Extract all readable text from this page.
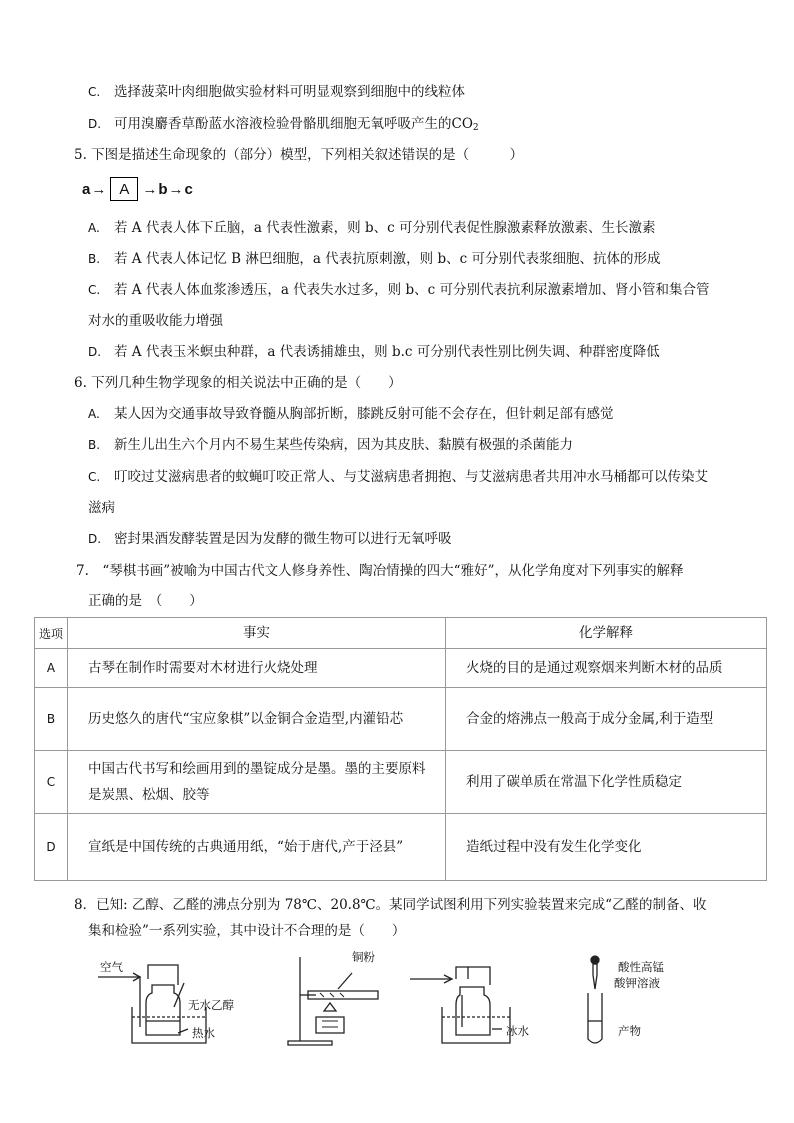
C. 选择菠菜叶肉细胞做实验材料可明显观察到细胞中的线粒体
D. 可用溴麝香草酚蓝水溶液检验骨骼肌细胞无氧呼吸产生的CO2
5. 下图是描述生命现象的（部分）模型，下列相关叙述错误的是（　　　）
a → A → b → c
A. 若 A 代表人体下丘脑，a 代表性激素，则 b、c 可分别代表促性腺激素释放激素、生长激素
B. 若 A 代表人体记忆 B 淋巴细胞，a 代表抗原刺激，则 b、c 可分别代表浆细胞、抗体的形成
C. 若 A 代表人体血浆渗透压，a 代表失水过多，则 b、c 可分别代表抗利尿激素增加、肾小管和集合管
对水的重吸收能力增强
D. 若 A 代表玉米螟虫种群，a 代表诱捕雄虫，则 b.c 可分别代表性别比例失调、种群密度降低
6. 下列几种生物学现象的相关说法中正确的是（　　）
A. 某人因为交通事故导致脊髓从胸部折断，膝跳反射可能不会存在，但针刺足部有感觉
B. 新生儿出生六个月内不易生某些传染病，因为其皮肤、黏膜有极强的杀菌能力
C. 叮咬过艾滋病患者的蚊蝇叮咬正常人、与艾滋病患者拥抱、与艾滋病患者共用冲水马桶都可以传染艾
滋病
D. 密封果酒发酵装置是因为发酵的微生物可以进行无氧呼吸
7.　“琴棋书画”被喻为中国古代文人修身养性、陶冶情操的四大“雅好”，从化学角度对下列事实的解释
正确的是　（　　）
选项	事实	化学解释
A	古琴在制作时需要对木材进行火烧处理	火烧的目的是通过观察烟来判断木材的品质
B	历史悠久的唐代“宝应象棋”以金铜合金造型,内灌铅芯	合金的熔沸点一般高于成分金属,利于造型
C	中国古代书写和绘画用到的墨锭成分是墨。墨的主要原料是炭黑、松烟、胶等	利用了碳单质在常温下化学性质稳定
D	宣纸是中国传统的古典通用纸，“始于唐代,产于泾县”	造纸过程中没有发生化学变化
8．已知: 乙醇、乙醛的沸点分别为 78℃、20.8℃。某同学试图利用下列实验装置来完成“乙醛的制备、收
集和检验”一系列实验，其中设计不合理的是（　　）
空气
无水乙醇
热水
铜粉
冰水
酸性高锰
酸钾溶液
产物
